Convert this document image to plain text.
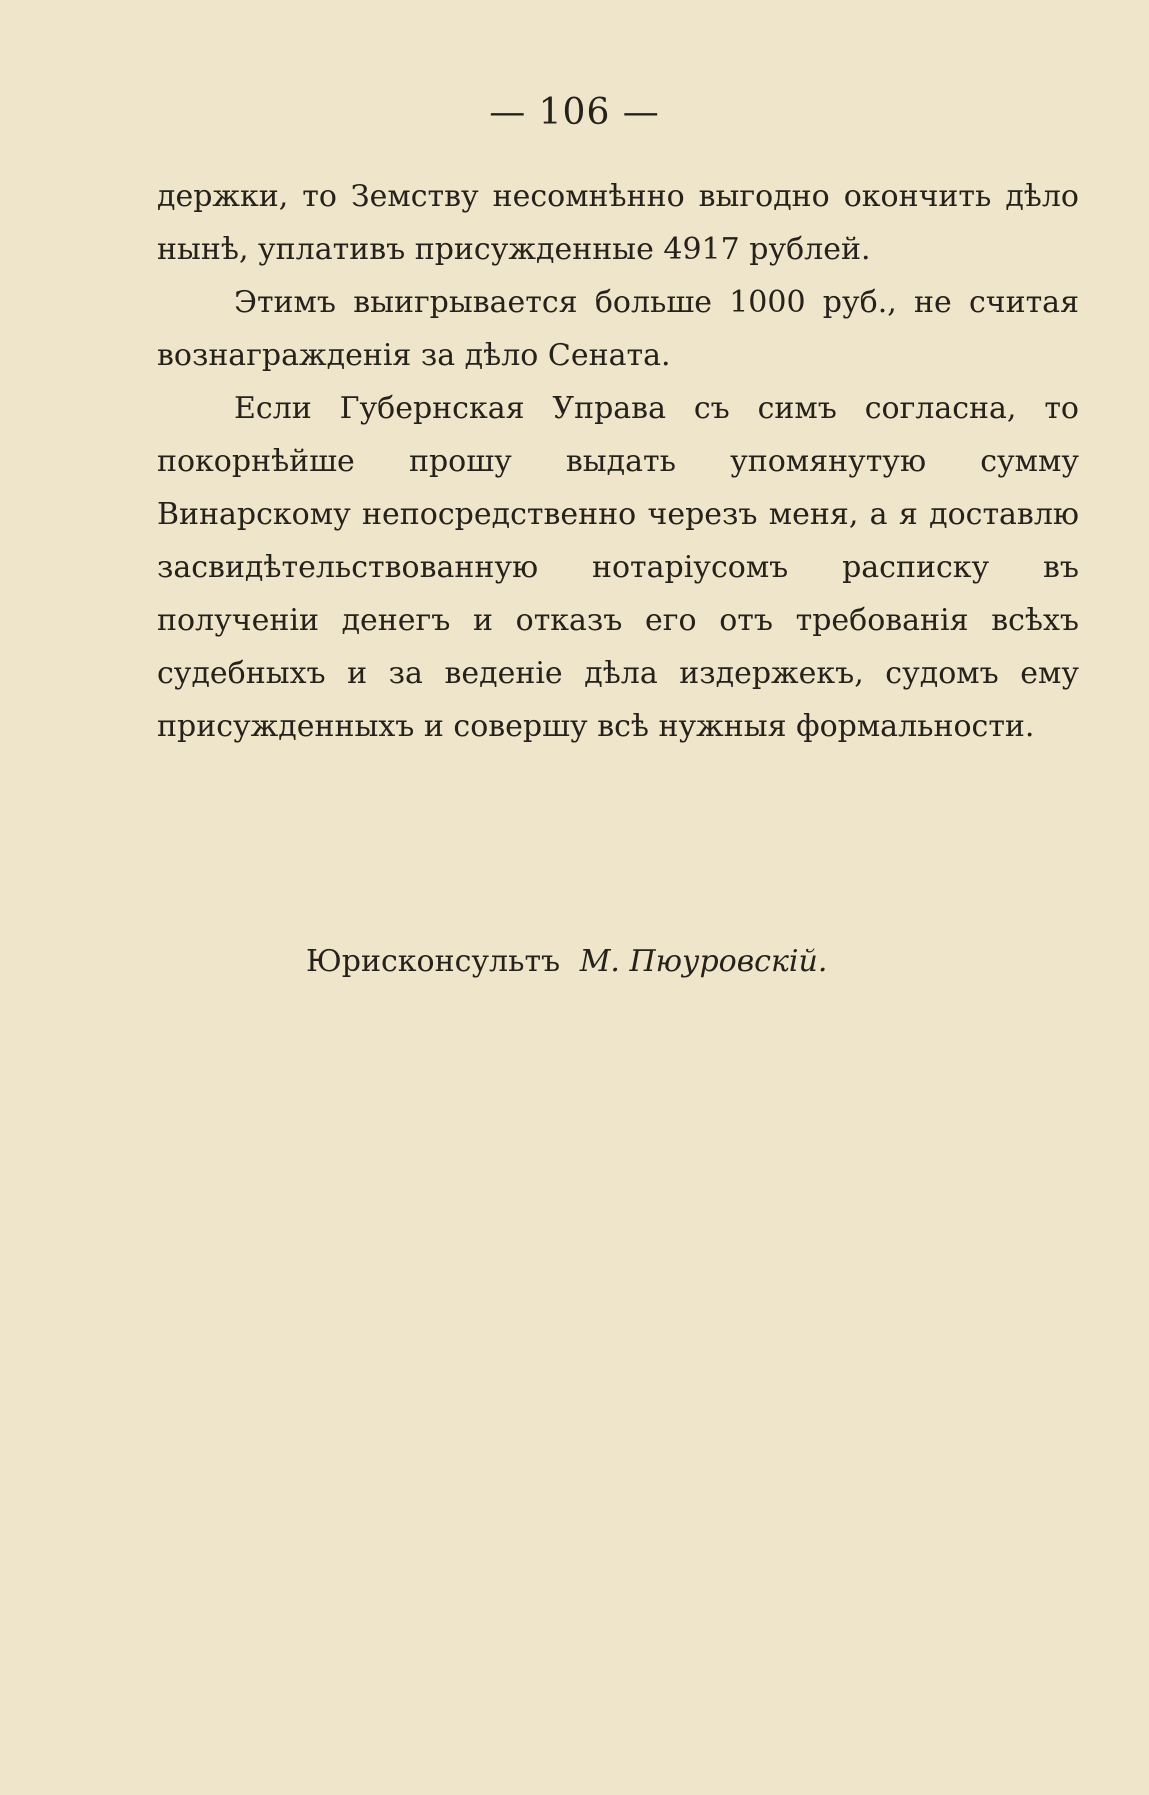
— 106 —

держки, то Земству несомнѣнно выгодно окончить дѣло нынѣ, уплативъ присужденные 4917 рублей.

Этимъ выигрывается больше 1000 руб., не считая вознагражденія за дѣло Сената.

Если Губернская Управа съ симъ согласна, то покорнѣйше прошу выдать упомянутую сумму Винарскому непосредственно черезъ меня, а я доставлю засвидѣтельствованную нотаріусомъ расписку въ полученіи денегъ и отказъ его отъ требованія всѣхъ судебныхъ и за веденіе дѣла издержекъ, судомъ ему присужденныхъ и совершу всѣ нужныя формальности.

Юрисконсультъ М. Пюуровскій.
